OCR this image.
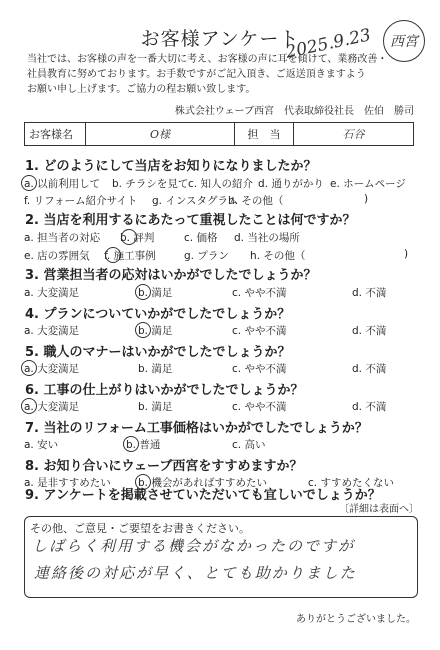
お客様アンケート
2025.9.23	西宮
当社では、お客様の声を一番大切に考え、お客様の声に耳を傾けて、業務改善・
社員教育に努めております。お手数ですがご記入頂き、ご返送頂きますよう
お願い申し上げます。ご協力の程お願い致します。
株式会社ウェーブ西宮　代表取締役社長　佐伯　勝司
お客様名	O様	担　当	石谷
1. どのようにして当店をお知りになりましたか？
a. 以前利用して b. チラシを見て c. 知人の紹介 d. 通りがかり e. ホームページ
f. リフォーム紹介サイト g. インスタグラム
h. その他（	)
2. 当店を利用するにあたって重視したことは何ですか？
a. 担当者の対応 b. 評判	c. 価格 d. 当社の場所
e. 店の雰囲気 f. 施工事例	g. プラン h. その他（	)
3. 営業担当者の応対はいかがでしたでしょうか？
a. 大変満足	b. 満足	c. やや不満	d. 不満
4. プランについていかがでしたでしょうか？
a. 大変満足	b. 満足	c. やや不満	d. 不満
5. 職人のマナーはいかがでしたでしょうか？
a. 大変満足	b. 満足	c. やや不満	d. 不満
6. 工事の仕上がりはいかがでしたでしょうか？
a. 大変満足	b. 満足	c. やや不満	d. 不満
7. 当社のリフォーム工事価格はいかがでしたでしょうか？
a. 安い	b. 普通	c. 高い
8. お知り合いにウェーブ西宮をすすめますか？
a. 是非すすめたい	b. 機会があればすすめたい	c. すすめたくない
9. アンケートを掲載させていただいても宜しいでしょうか？
〔詳細は表面へ〕
その他、ご意見・ご要望をお書きください。
しばらく利用する機会がなかったのですが
連絡後の対応が早く、とても助かりました
ありがとうございました。
